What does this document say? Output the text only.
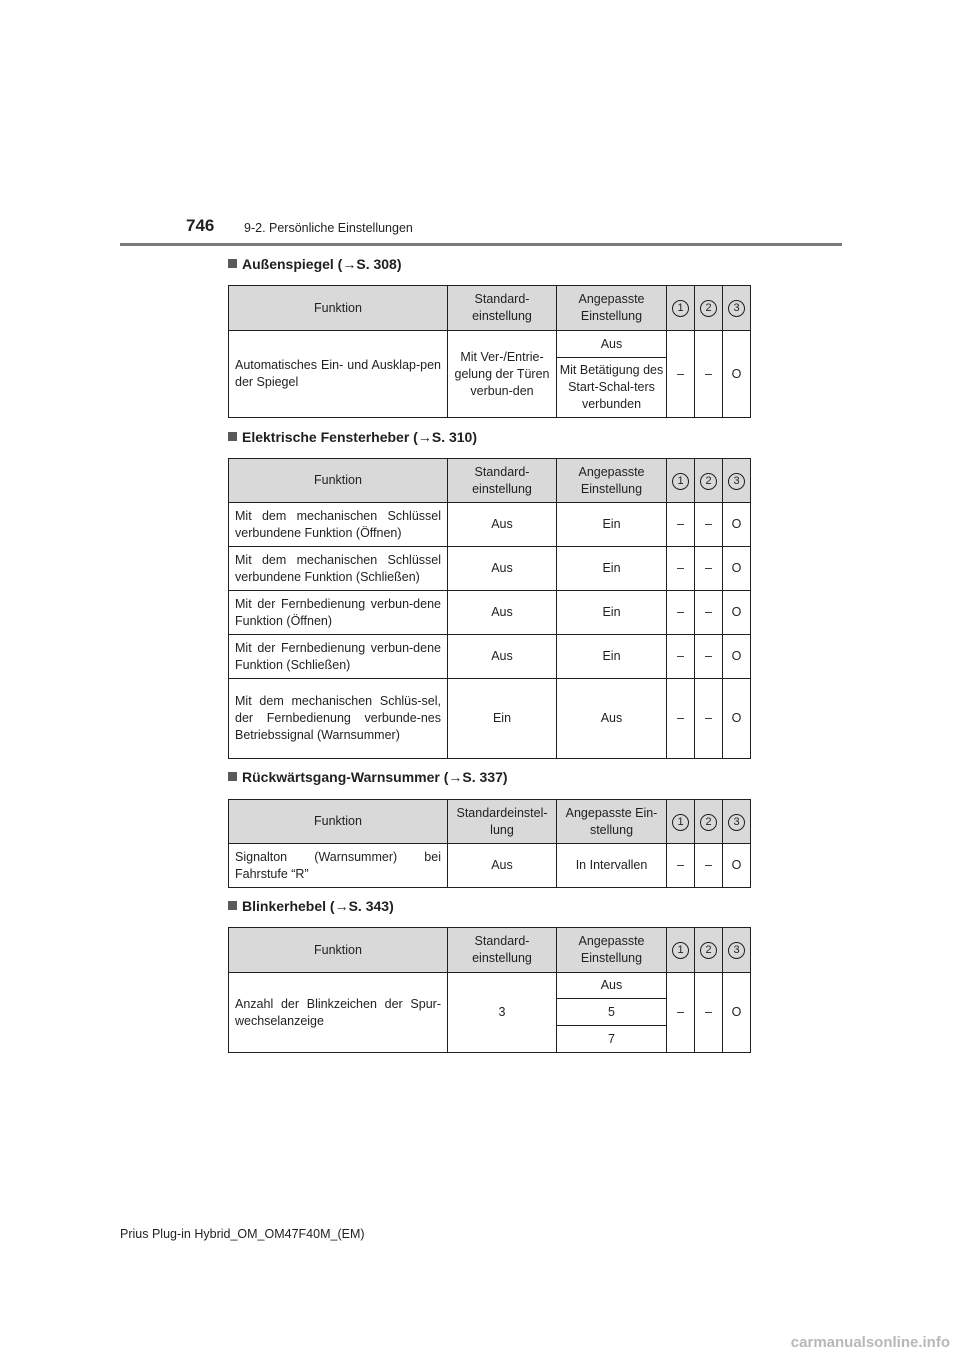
746 9-2. Persönliche Einstellungen
Außenspiegel (→S. 308)
Funktion	Standard-einstellung	Angepasste Einstellung	1	2	3
Automatisches Ein- und Ausklap-pen der Spiegel	Mit Ver-/Entrie-gelung der Türen verbun-den	Aus	–	–	O
		Mit Betätigung des Start-Schal-ters verbunden			
Elektrische Fensterheber (→S. 310)
Funktion	Standard-einstellung	Angepasste Einstellung	1	2	3
Mit dem mechanischen Schlüssel verbundene Funktion (Öffnen)	Aus	Ein	–	–	O
Mit dem mechanischen Schlüssel verbundene Funktion (Schließen)	Aus	Ein	–	–	O
Mit der Fernbedienung verbun-dene Funktion (Öffnen)	Aus	Ein	–	–	O
Mit der Fernbedienung verbun-dene Funktion (Schließen)	Aus	Ein	–	–	O
Mit dem mechanischen Schlüs-sel, der Fernbedienung verbunde-nes Betriebssignal (Warnsummer)	Ein	Aus	–	–	O
Rückwärtsgang-Warnsummer (→S. 337)
Funktion	Standardeinstel-lung	Angepasste Ein-stellung	1	2	3
Signalton (Warnsummer) bei Fahrstufe “R”	Aus	In Intervallen	–	–	O
Blinkerhebel (→S. 343)
Funktion	Standard-einstellung	Angepasste Einstellung	1	2	3
Anzahl der Blinkzeichen der Spur-wechselanzeige	3	Aus	–	–	O
		5			
		7			
Prius Plug-in Hybrid_OM_OM47F40M_(EM)
carmanualsonline.info
